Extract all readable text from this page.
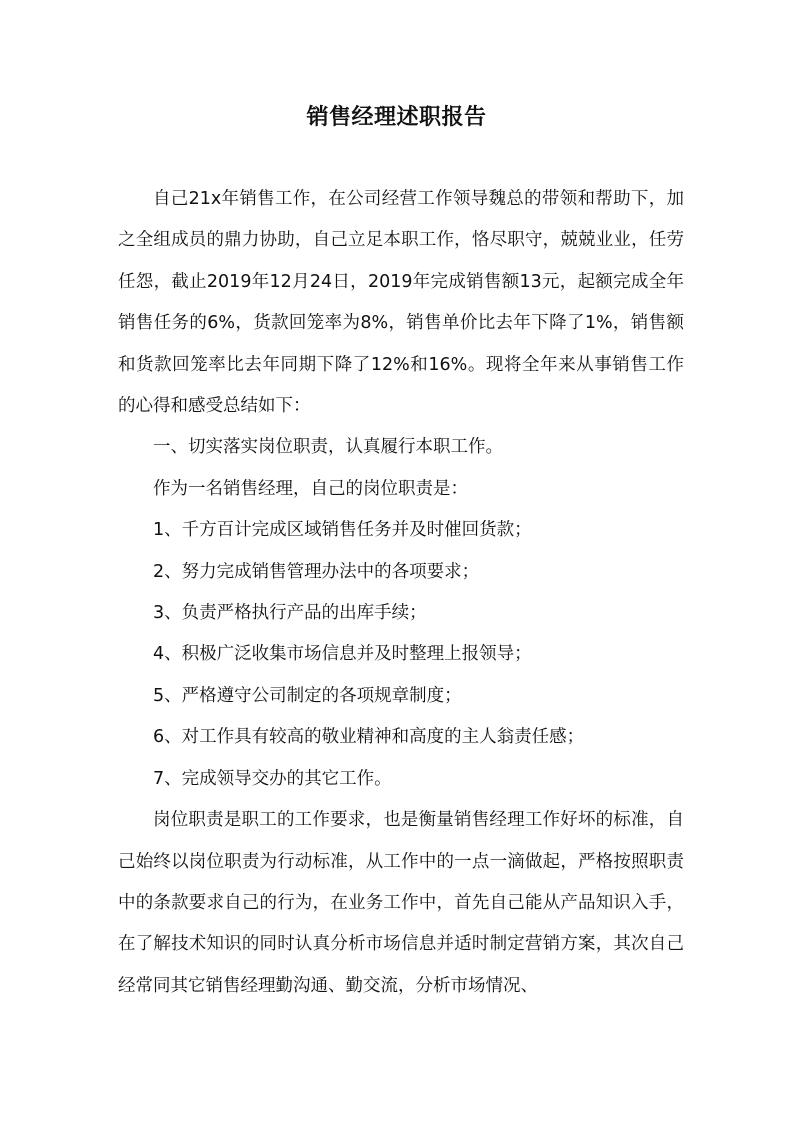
销售经理述职报告

自己21x年销售工作，在公司经营工作领导魏总的带领和帮助下，加之全组成员的鼎力协助，自己立足本职工作，恪尽职守，兢兢业业，任劳任怨，截止2019年12月24日，2019年完成销售额13元，起额完成全年销售任务的6%，货款回笼率为8%，销售单价比去年下降了1%，销售额和货款回笼率比去年同期下降了12%和16%。现将全年来从事销售工作的心得和感受总结如下：

一、切实落实岗位职责，认真履行本职工作。

作为一名销售经理，自己的岗位职责是：

1、千方百计完成区域销售任务并及时催回货款；

2、努力完成销售管理办法中的各项要求；

3、负责严格执行产品的出库手续；

4、积极广泛收集市场信息并及时整理上报领导；

5、严格遵守公司制定的各项规章制度；

6、对工作具有较高的敬业精神和高度的主人翁责任感；

7、完成领导交办的其它工作。

岗位职责是职工的工作要求，也是衡量销售经理工作好坏的标准，自己始终以岗位职责为行动标准，从工作中的一点一滴做起，严格按照职责中的条款要求自己的行为，在业务工作中，首先自己能从产品知识入手，在了解技术知识的同时认真分析市场信息并适时制定营销方案，其次自己经常同其它销售经理勤沟通、勤交流，分析市场情况、
